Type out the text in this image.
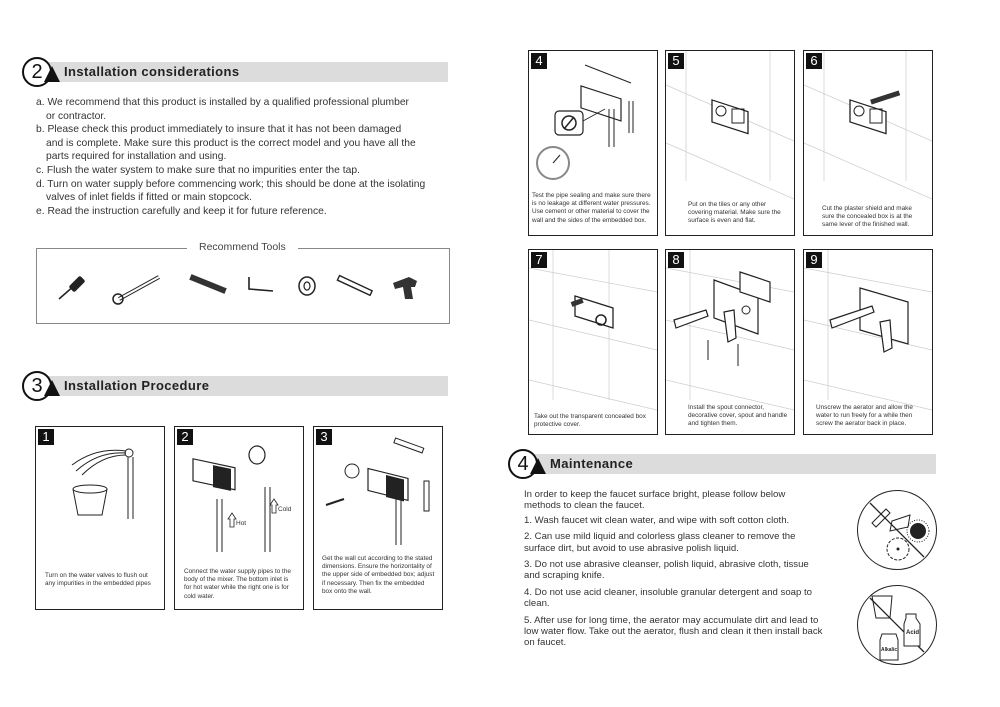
2	Installation considerations

a. We recommend that this product is installed by a qualified professional plumber

or contractor.

b. Please check this product immediately to insure that it has not been damaged

and is complete. Make sure this product is the correct model and you have all the

parts required for installation and using.

c. Flush the water system to make sure that no impurities enter the tap.

d. Turn on water supply before commencing work; this should be done at the isolating

valves of inlet fields if fitted or main stopcock.

e. Read the instruction carefully and keep it for future reference.

Recommend Tools
3	Installation Procedure
1
Turn on the water valves to flush out any impurities in the embedded pipes
2
Hot
Cold
Connect the water supply pipes to the body of the mixer. The bottom inlet is for hot water while the right one is for cold water.
3
Get the wall cut according to the stated dimensions. Ensure the horizontality of the upper side of embedded box; adjust if necessary. Then fix the embedded box onto the wall.
4
Test the pipe sealing and make sure there is no leakage at different water pressures. Use cement or other material to cover the wall and the sides of the embedded box.
5
Put on the tiles or any other covering material. Make sure the surface is even and flat.
6
Cut the plaster shield and make sure the concealed box is at the same lever of the finished wall.
7
Take out the transparent concealed box protective cover.
8
Install the spout connector, decorative cover, spout and handle and tighten them.
9
Unscrew the aerator and allow the water to run freely for a while then screw the aerator back in place.
4	Maintenance

In order to keep the faucet surface bright, please follow below methods to clean the faucet.

1. Wash faucet wit clean water, and wipe with soft cotton cloth.

2. Can use mild liquid and colorless glass cleaner to remove the surface dirt, but avoid to use abrasive polish liquid.

3. Do not use abrasive cleanser, polish liquid, abrasive cloth, tissue and scraping knife.

4. Do not use acid cleaner, insoluble granular detergent and soap to clean.

5. After use for long time, the aerator may accumulate dirt and lead to low water flow. Take out the aerator, flush and clean it then install back on faucet.

Acid
Alkalic
